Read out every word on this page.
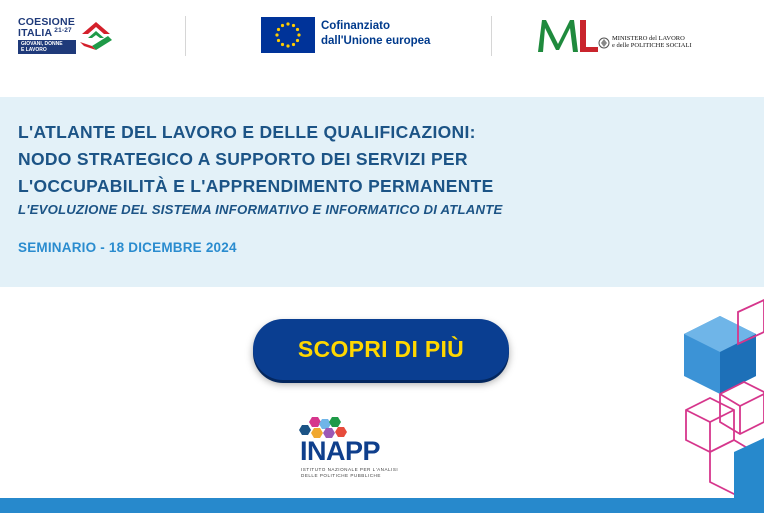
COESIONE
ITALIA $^{21-27}$
GIOVANI, DONNE
E LAVORO
Cofinanziato
dall'Unione europea	MINISTERO del LAVORO
e delle POLITICHE SOCIALI
L'ATLANTE DEL LAVORO E DELLE QUALIFICAZIONI:
NODO STRATEGICO A SUPPORTO DEI SERVIZI PER
L'OCCUPABILITÀ E L'APPRENDIMENTO PERMANENTE
L'EVOLUZIONE DEL SISTEMA INFORMATIVO E INFORMATICO DI ATLANTE
SEMINARIO - 18 DICEMBRE 2024
SCOPRI DI PIÙ
INAPP
ISTITUTO NAZIONALE PER L'ANALISI
DELLE POLITICHE PUBBLICHE
